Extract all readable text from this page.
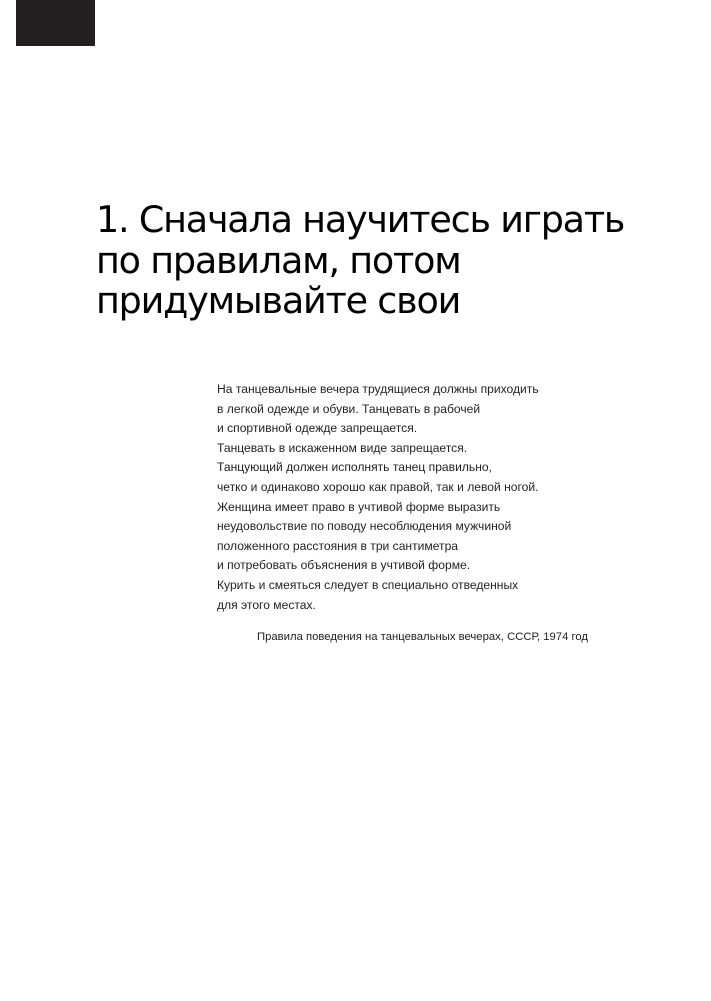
1. Сначала научитесь играть
по правилам, потом
придумывайте свои
На танцевальные вечера трудящиеся должны приходить
в легкой одежде и обуви. Танцевать в рабочей
и спортивной одежде запрещается.
Танцевать в искаженном виде запрещается.
Танцующий должен исполнять танец правильно,
четко и одинаково хорошо как правой, так и левой ногой.
Женщина имеет право в учтивой форме выразить
неудовольствие по поводу несоблюдения мужчиной
положенного расстояния в три сантиметра
и потребовать объяснения в учтивой форме.
Курить и смеяться следует в специально отведенных
для этого местах.
Правила поведения на танцевальных вечерах, СССР, 1974 год
